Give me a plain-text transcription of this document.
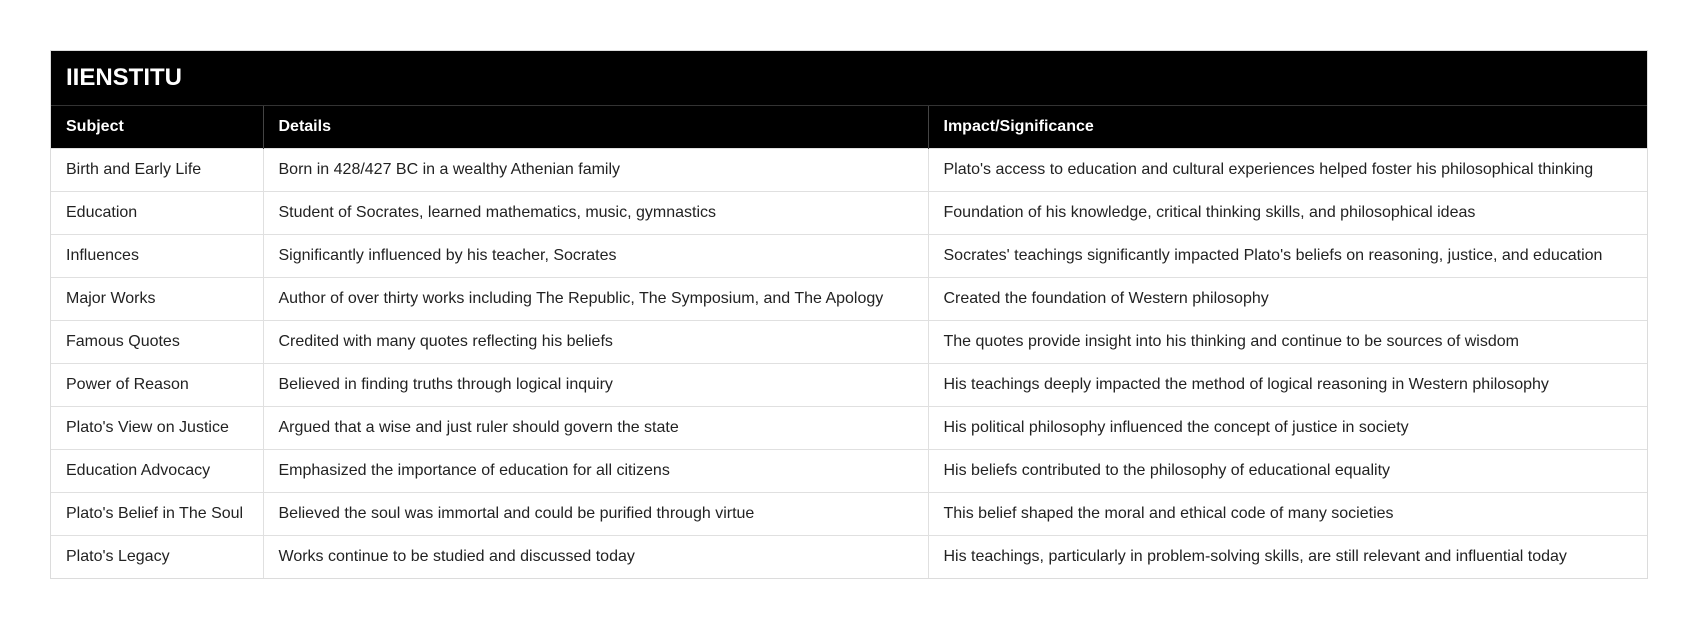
IIENSTITU
Subject	Details	Impact/Significance
Birth and Early Life	Born in 428/427 BC in a wealthy Athenian family	Plato's access to education and cultural experiences helped foster his philosophical thinking
Education	Student of Socrates, learned mathematics, music, gymnastics	Foundation of his knowledge, critical thinking skills, and philosophical ideas
Influences	Significantly influenced by his teacher, Socrates	Socrates' teachings significantly impacted Plato's beliefs on reasoning, justice, and education
Major Works	Author of over thirty works including The Republic, The Symposium, and The Apology	Created the foundation of Western philosophy
Famous Quotes	Credited with many quotes reflecting his beliefs	The quotes provide insight into his thinking and continue to be sources of wisdom
Power of Reason	Believed in finding truths through logical inquiry	His teachings deeply impacted the method of logical reasoning in Western philosophy
Plato's View on Justice	Argued that a wise and just ruler should govern the state	His political philosophy influenced the concept of justice in society
Education Advocacy	Emphasized the importance of education for all citizens	His beliefs contributed to the philosophy of educational equality
Plato's Belief in The Soul	Believed the soul was immortal and could be purified through virtue	This belief shaped the moral and ethical code of many societies
Plato's Legacy	Works continue to be studied and discussed today	His teachings, particularly in problem-solving skills, are still relevant and influential today
